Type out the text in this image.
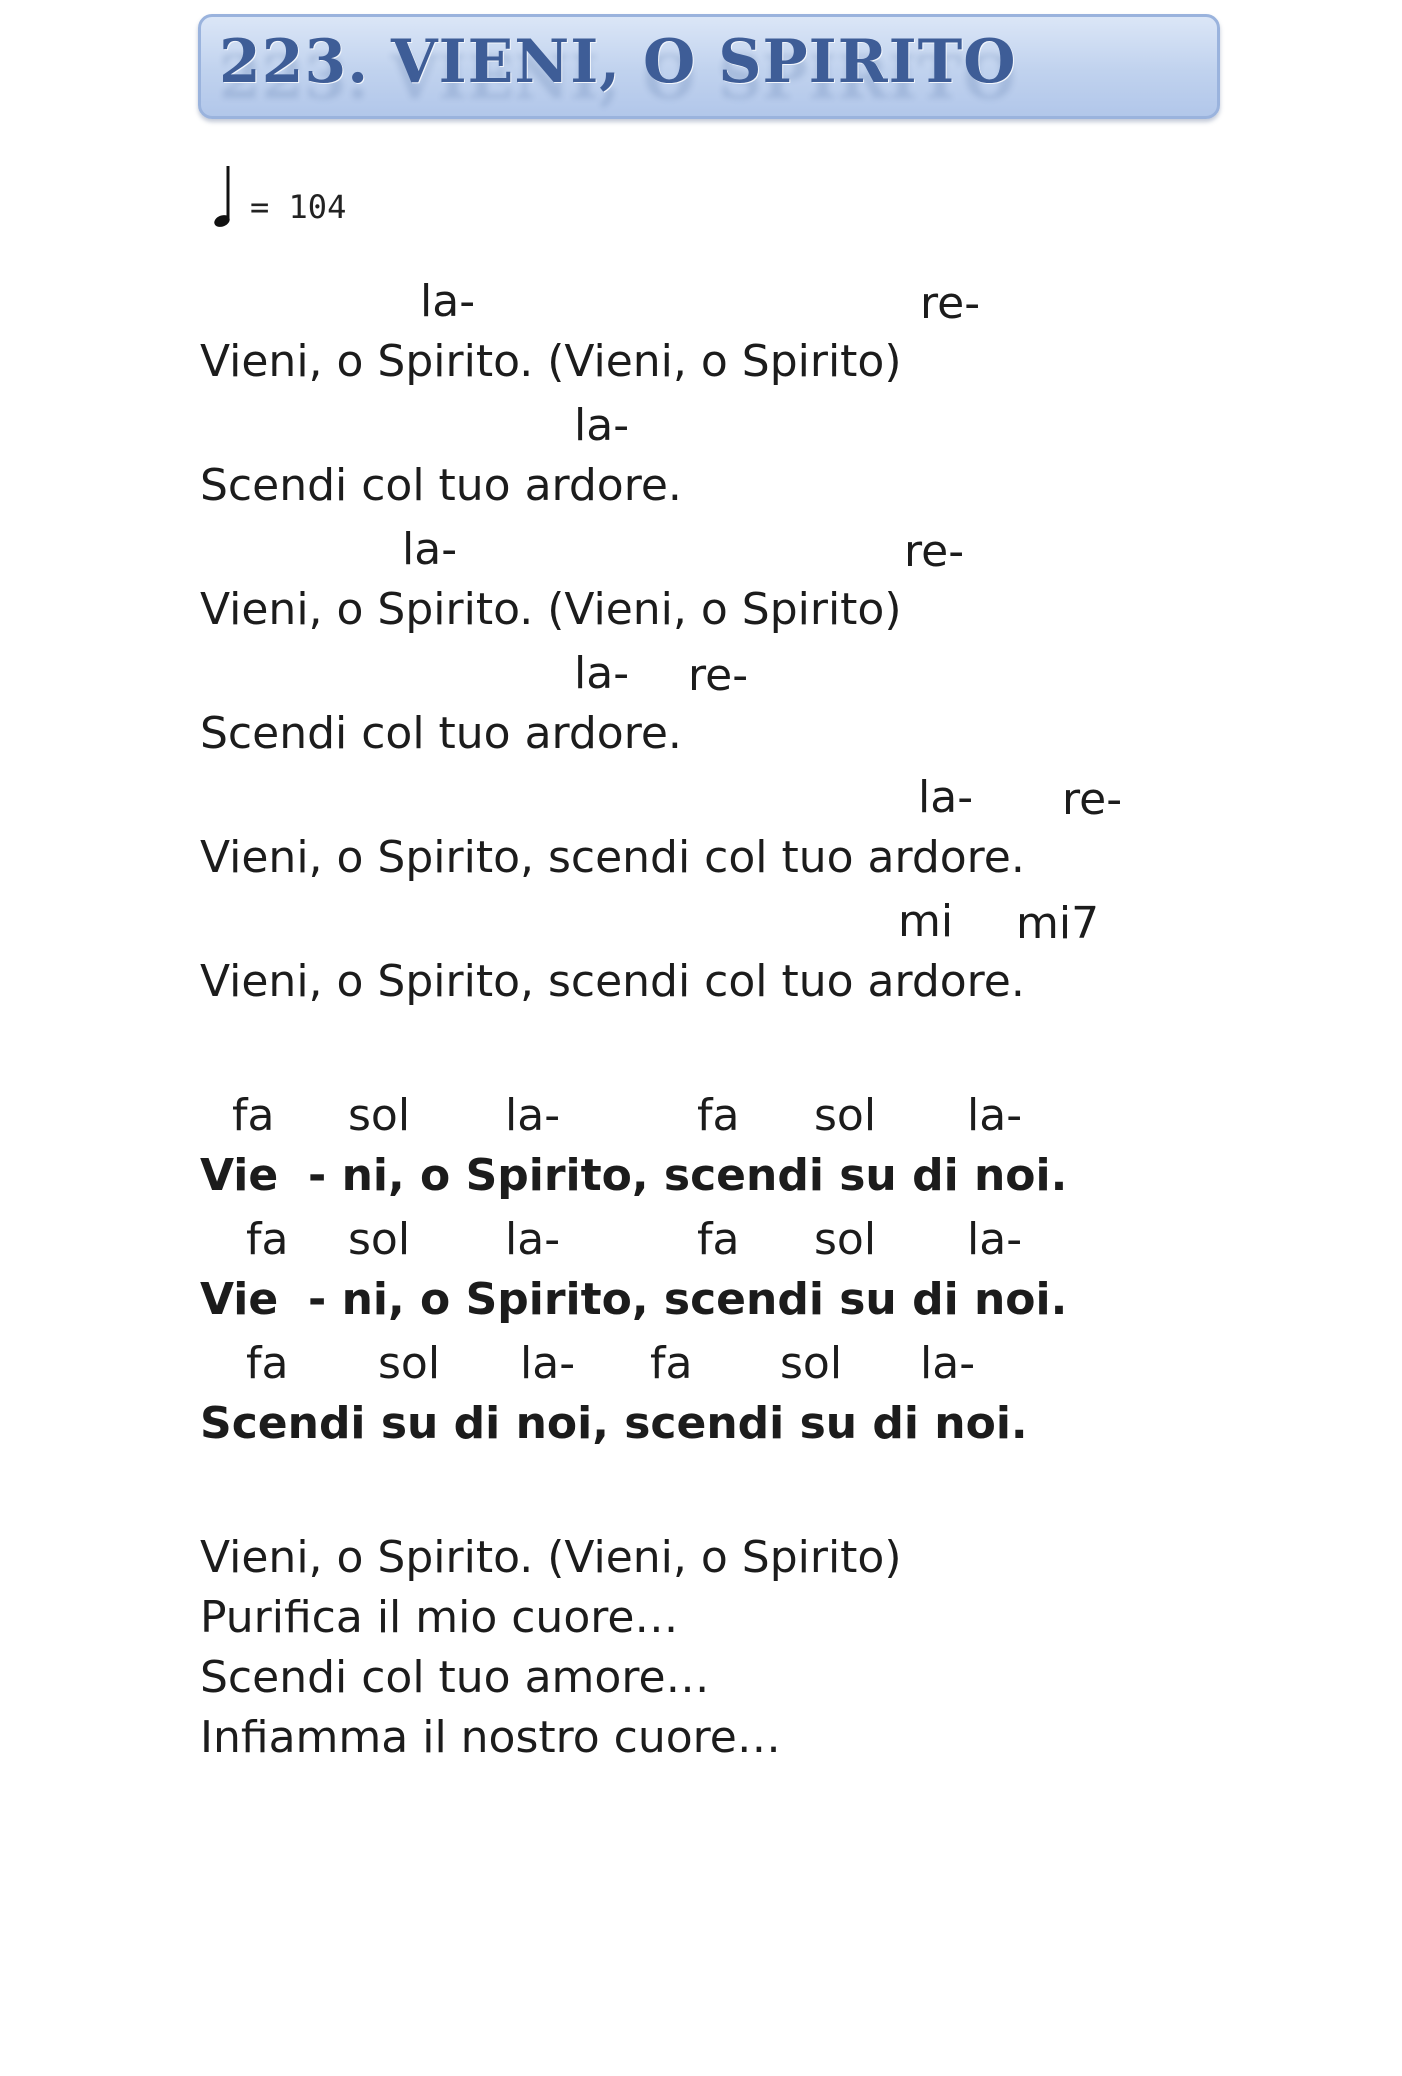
223. VIENI, O SPIRITO
= 104
la-	re-
Vieni, o Spirito. (Vieni, o Spirito)
la-
Scendi col tuo ardore.
la-	re-
Vieni, o Spirito. (Vieni, o Spirito)
la- re-
Scendi col tuo ardore.
la- re-
Vieni, o Spirito, scendi col tuo ardore.
mi mi7
Vieni, o Spirito, scendi col tuo ardore.
fa sol la-	fa sol la-
Vie - ni, o Spirito, scendi su di noi.
fa sol la-	fa sol la-
Vie - ni, o Spirito, scendi su di noi.
fa sol la- fa sol la-
Scendi su di noi, scendi su di noi.
Vieni, o Spirito. (Vieni, o Spirito)
Purifica il mio cuore…
Scendi col tuo amore…
Infiamma il nostro cuore…
